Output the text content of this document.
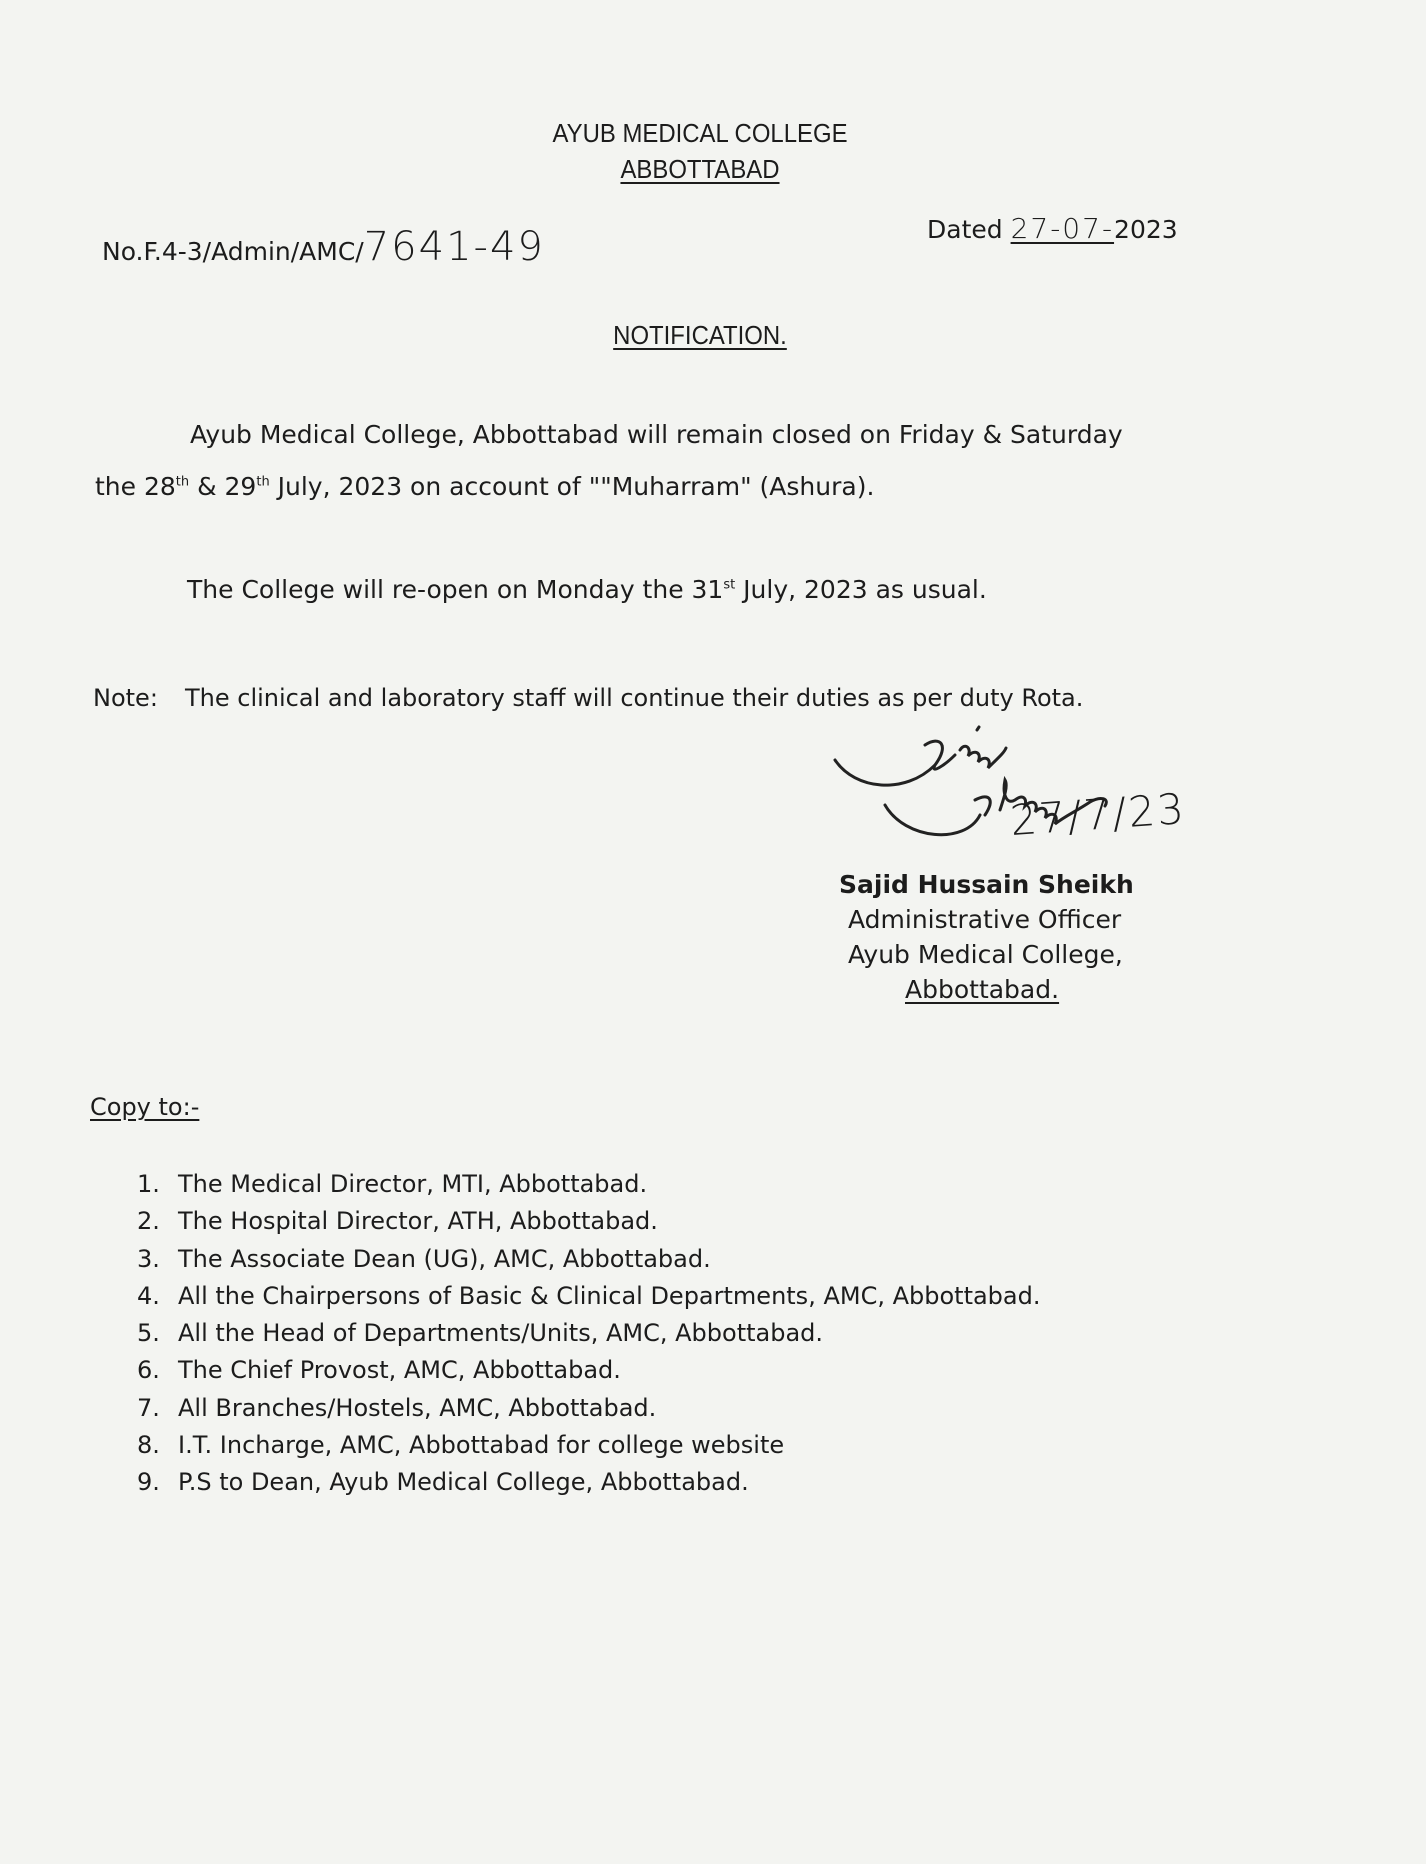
AYUB MEDICAL COLLEGE
ABBOTTABAD
No.F.4-3/Admin/AMC/7641-49	Dated 27-07-2023
NOTIFICATION.
Ayub Medical College, Abbottabad will remain closed on Friday & Saturday
the 28th & 29th July, 2023 on account of ""Muharram" (Ashura).
The College will re-open on Monday the 31st July, 2023 as usual.
Note: The clinical and laboratory staff will continue their duties as per duty Rota.
27/7/23
Sajid Hussain Sheikh
Administrative Officer
Ayub Medical College,
Abbottabad.
Copy to:-
1. The Medical Director, MTI, Abbottabad.
2. The Hospital Director, ATH, Abbottabad.
3. The Associate Dean (UG), AMC, Abbottabad.
4. All the Chairpersons of Basic & Clinical Departments, AMC, Abbottabad.
5. All the Head of Departments/Units, AMC, Abbottabad.
6. The Chief Provost, AMC, Abbottabad.
7. All Branches/Hostels, AMC, Abbottabad.
8. I.T. Incharge, AMC, Abbottabad for college website
9. P.S to Dean, Ayub Medical College, Abbottabad.
